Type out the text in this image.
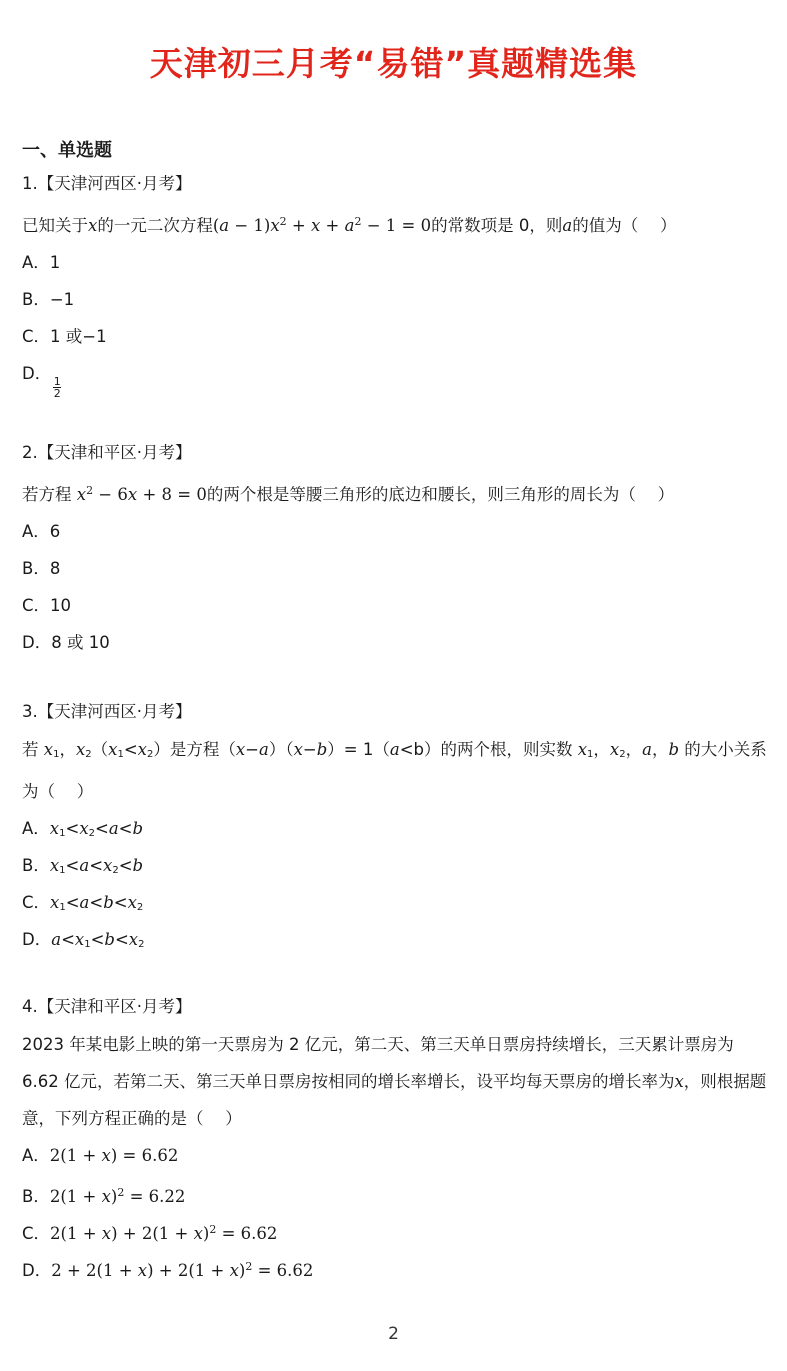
天津初三月考“易错”真题精选集
一、单选题

1.【天津河西区·月考】

已知关于x的一元二次方程$(a - 1)x^2 + x + a^2 - 1 = 0$的常数项是 0，则a的值为（　 ）

A．1

B．−1

C．1 或−1

D．
$\frac{1}{2}$

2.【天津和平区·月考】

若方程 $x^2 - 6x + 8 = 0$的两个根是等腰三角形的底边和腰长，则三角形的周长为（　 ）

A．6

B．8

C．10

D．8 或 10

3.【天津河西区·月考】

若 $x_1$，$x_2(x_1<x_2)$是方程（x−a）（x−b）= 1（a<b）的两个根，则实数 $x_1$，$x_2$，a，b 的大小关系为（　 ）

A．$x_1<x_2<a<b$

B．$x_1<a<x_2<b$

C．$x_1<a<b<x_2$

D．$a<x_1<b<x_2$

4.【天津和平区·月考】

2023 年某电影上映的第一天票房为 2 亿元，第二天、第三天单日票房持续增长，三天累计票房为 6.62 亿元，若第二天、第三天单日票房按相同的增长率增长，设平均每天票房的增长率为x，则根据题意，下列方程正确的是（　 ）

A．2(1 + x) = 6.62

B．$2(1 + x)^2 = 6.22$

C．$2(1 + x) + 2(1 + x)^2 = 6.62$

D．$2 + 2(1 + x) + 2(1 + x)^2 = 6.62$

2
